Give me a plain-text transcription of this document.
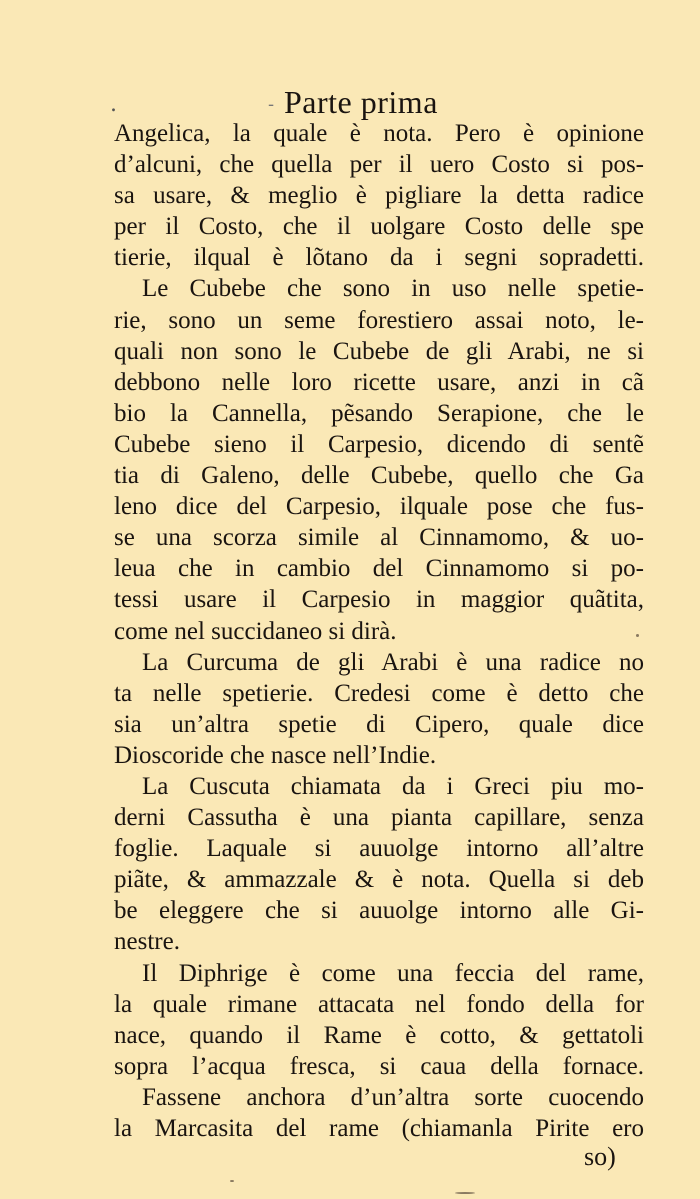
.	- Parte prima
Angelica, la quale è nota. Pero è opinione
d’alcuni, che quella per il uero Costo si pos-
sa usare, & meglio è pigliare la detta radice
per il Costo, che il uolgare Costo delle spe
tierie, ilqual è lõtano da i segni sopradetti.
Le Cubebe che sono in uso nelle spetie-
rie, sono un seme forestiero assai noto, le-
quali non sono le Cubebe de gli Arabi, ne si
debbono nelle loro ricette usare, anzi in cã
bio la Cannella, pẽsando Serapione, che le
Cubebe sieno il Carpesio, dicendo di sentẽ
tia di Galeno, delle Cubebe, quello che Ga
leno dice del Carpesio, ilquale pose che fus-
se una scorza simile al Cinnamomo, & uo-
leua che in cambio del Cinnamomo si po-
tessi usare il Carpesio in maggior quãtita,
come nel succidaneo si dirà.
La Curcuma de gli Arabi è una radice no
ta nelle spetierie. Credesi come è detto che
sia un’altra spetie di Cipero, quale dice
Dioscoride che nasce nell’Indie.
La Cuscuta chiamata da i Greci piu mo-
derni Cassutha è una pianta capillare, senza
foglie. Laquale si auuolge intorno all’altre
piãte, & ammazzale & è nota. Quella si deb
be eleggere che si auuolge intorno alle Gi-
nestre.
Il Diphrige è come una feccia del rame,
la quale rimane attacata nel fondo della for
nace, quando il Rame è cotto, & gettatoli
sopra l’acqua fresca, si caua della fornace.
Fassene anchora d’un’altra sorte cuocendo
la Marcasita del rame (chiamanla Pirite ero
so)
